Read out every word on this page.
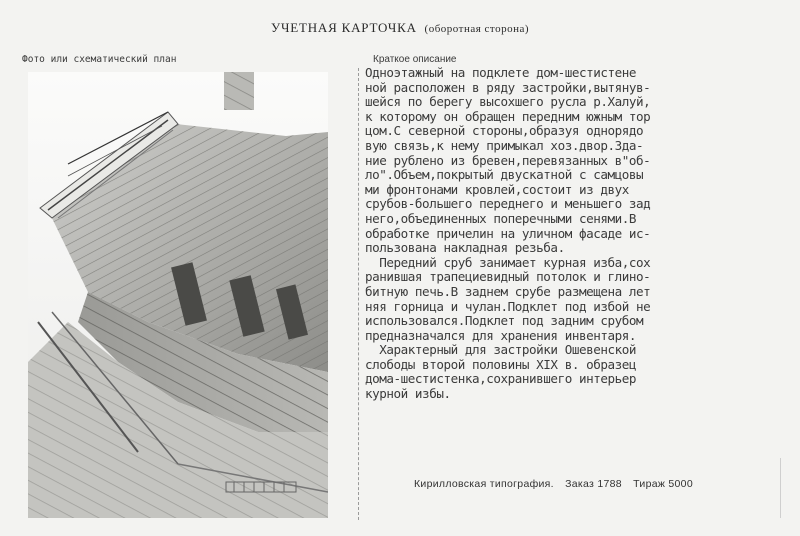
УЧЕТНАЯ КАРТОЧКА (оборотная сторона)
Фото или схематический план	Краткое описание
Одноэтажный на подклете дом-шестистене
ной расположен в ряду застройки,вытянув-
шейся по берегу высохшего русла р.Халуй,
к которому он обращен передним южным тор
цом.С северной стороны,образуя однорядо
вую связь,к нему примыкал хоз.двор.Зда-
ние рублено из бревен,перевязанных в"об-
ло".Объем,покрытый двускатной с самцовы
ми фронтонами кровлей,состоит из двух
срубов-большего переднего и меньшего зад
него,объединенных поперечными сенями.В
обработке причелин на уличном фасаде ис-
пользована накладная резьба.
Передний сруб занимает курная изба,сох
ранившая трапециевидный потолок и глино-
битную печь.В заднем срубе размещена лет
няя горница и чулан.Подклет под избой не
использовался.Подклет под задним срубом
предназначался для хранения инвентаря.
Характерный для застройки Ошевенской
слободы второй половины XIX в. образец
дома-шестистенка,сохранившего интерьер
курной избы.
Кирилловская типография. Заказ 1788 Тираж 5000
